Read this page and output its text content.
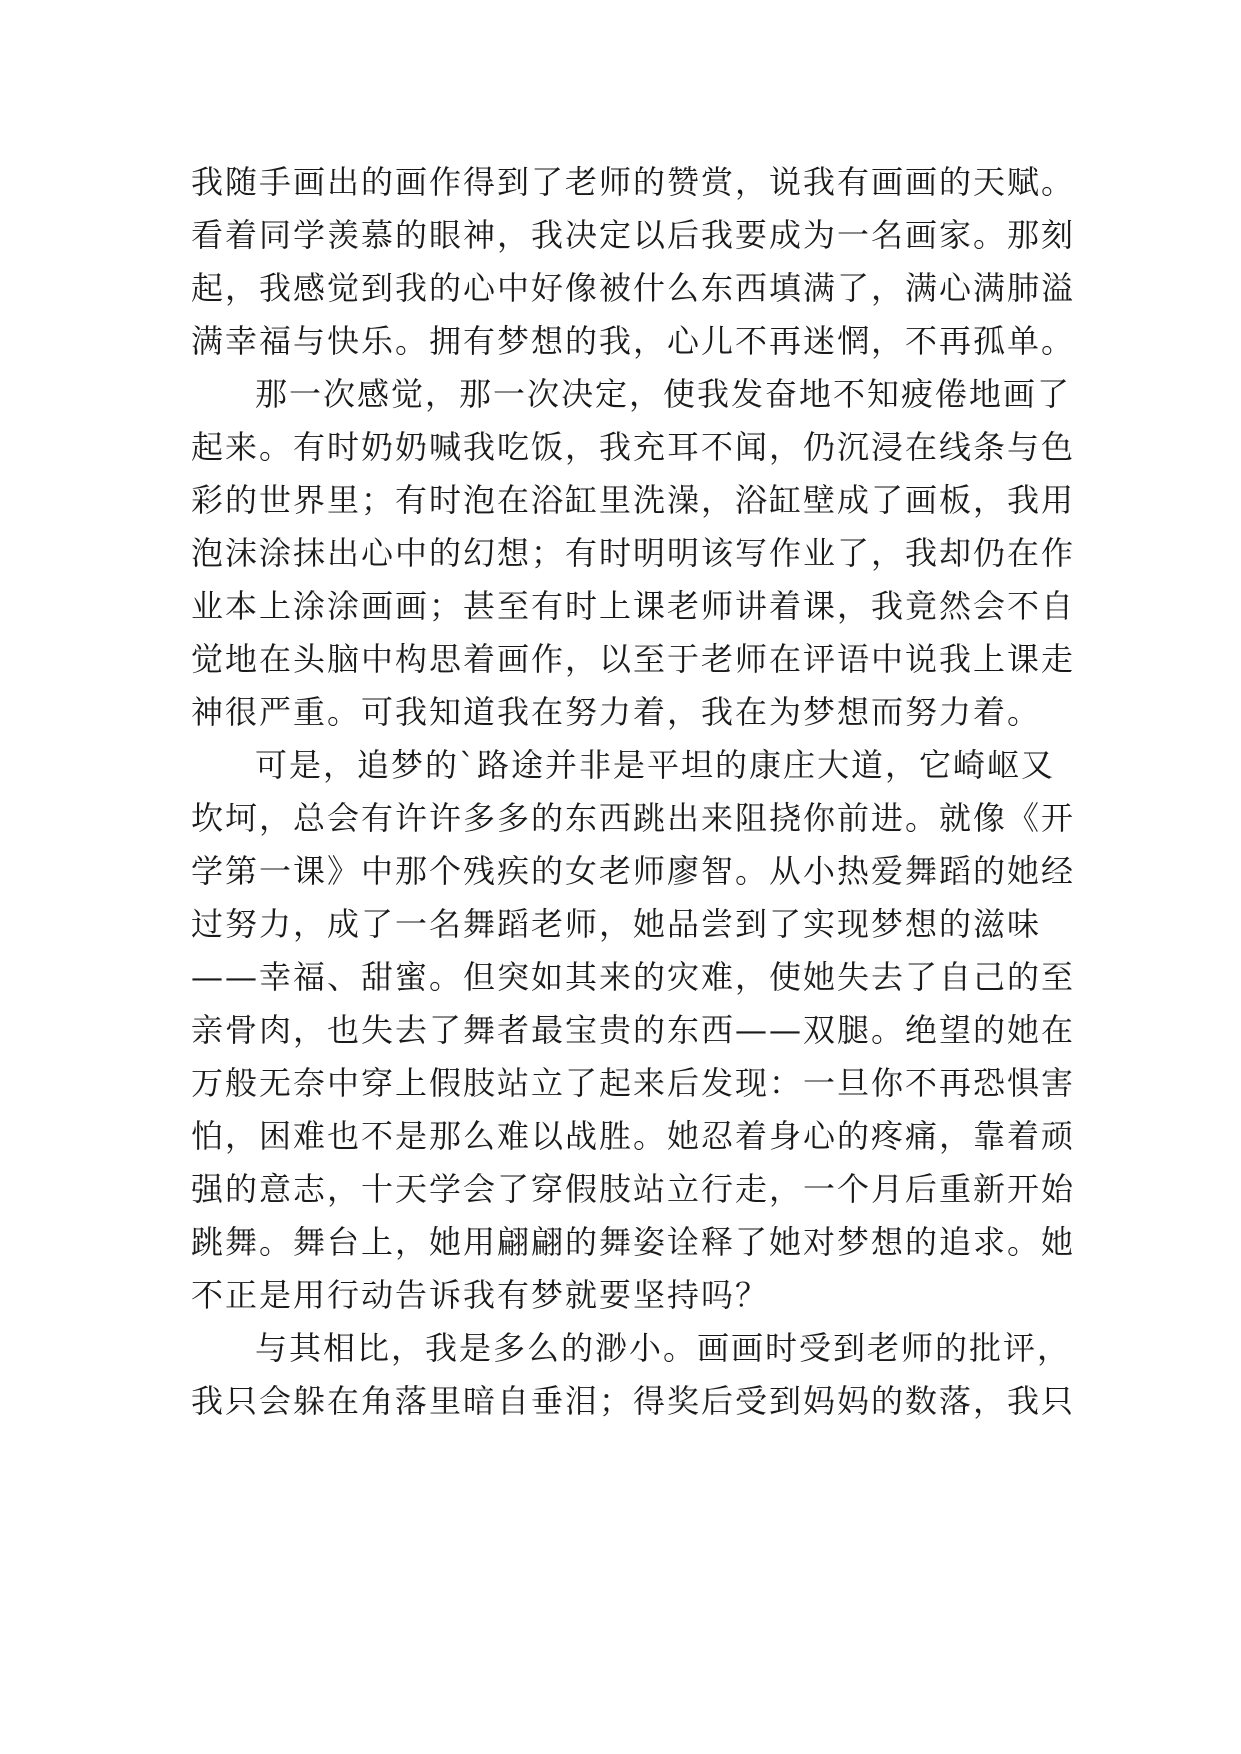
我随手画出的画作得到了老师的赞赏，说我有画画的天赋。
看着同学羡慕的眼神，我决定以后我要成为一名画家。那刻
起，我感觉到我的心中好像被什么东西填满了，满心满肺溢
满幸福与快乐。拥有梦想的我，心儿不再迷惘，不再孤单。
那一次感觉，那一次决定，使我发奋地不知疲倦地画了
起来。有时奶奶喊我吃饭，我充耳不闻，仍沉浸在线条与色
彩的世界里；有时泡在浴缸里洗澡，浴缸壁成了画板，我用
泡沫涂抹出心中的幻想；有时明明该写作业了，我却仍在作
业本上涂涂画画；甚至有时上课老师讲着课，我竟然会不自
觉地在头脑中构思着画作，以至于老师在评语中说我上课走
神很严重。可我知道我在努力着，我在为梦想而努力着。
可是，追梦的`路途并非是平坦的康庄大道，它崎岖又
坎坷，总会有许许多多的东西跳出来阻挠你前进。就像《开
学第一课》中那个残疾的女老师廖智。从小热爱舞蹈的她经
过努力，成了一名舞蹈老师，她品尝到了实现梦想的滋味
——幸福、甜蜜。但突如其来的灾难，使她失去了自己的至
亲骨肉，也失去了舞者最宝贵的东西——双腿。绝望的她在
万般无奈中穿上假肢站立了起来后发现：一旦你不再恐惧害
怕，困难也不是那么难以战胜。她忍着身心的疼痛，靠着顽
强的意志，十天学会了穿假肢站立行走，一个月后重新开始
跳舞。舞台上，她用翩翩的舞姿诠释了她对梦想的追求。她
不正是用行动告诉我有梦就要坚持吗？
与其相比，我是多么的渺小。画画时受到老师的批评，
我只会躲在角落里暗自垂泪；得奖后受到妈妈的数落，我只
